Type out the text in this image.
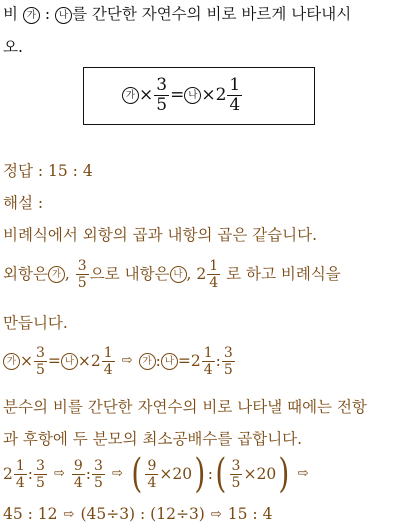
비 가 : 나 를 간단한 자연수의 비로 바르게 나타내시
오.
가 × $\frac{3}{5}$ = 나 $\times 2 \frac{1}{4}$
정답 : 15 : 4
해설 :
비례식에서 외항의 곱과 내항의 곱은 같습니다.
외항은 가 ,
$\frac{3}{5}$ 으로 내항은 나 , $2 \frac{1}{4}$
로 하고 비례식을
만듭니다.
가 × $\frac{3}{5}$ = 나 $\times 2 \frac{1}{4}$ ⇨	가 : 나 $=2 \frac{1}{4}$ : $\frac{3}{5}$
분수의 비를 간단한 자연수의 비로 나타낼 때에는 전항
과 후항에 두 분모의 최소공배수를 곱합니다.
$2 \frac{1}{4}$ : $\frac{3}{5}$ ⇨ $\frac{9}{4}$ : $\frac{3}{5}$ ⇨ ( $\frac{9}{4} \times 20$ ) : ( $\frac{3}{5} \times 20$ ) ⇨
45 : 12 ⇨ (45÷3) : (12÷3) ⇨ 15 : 4
